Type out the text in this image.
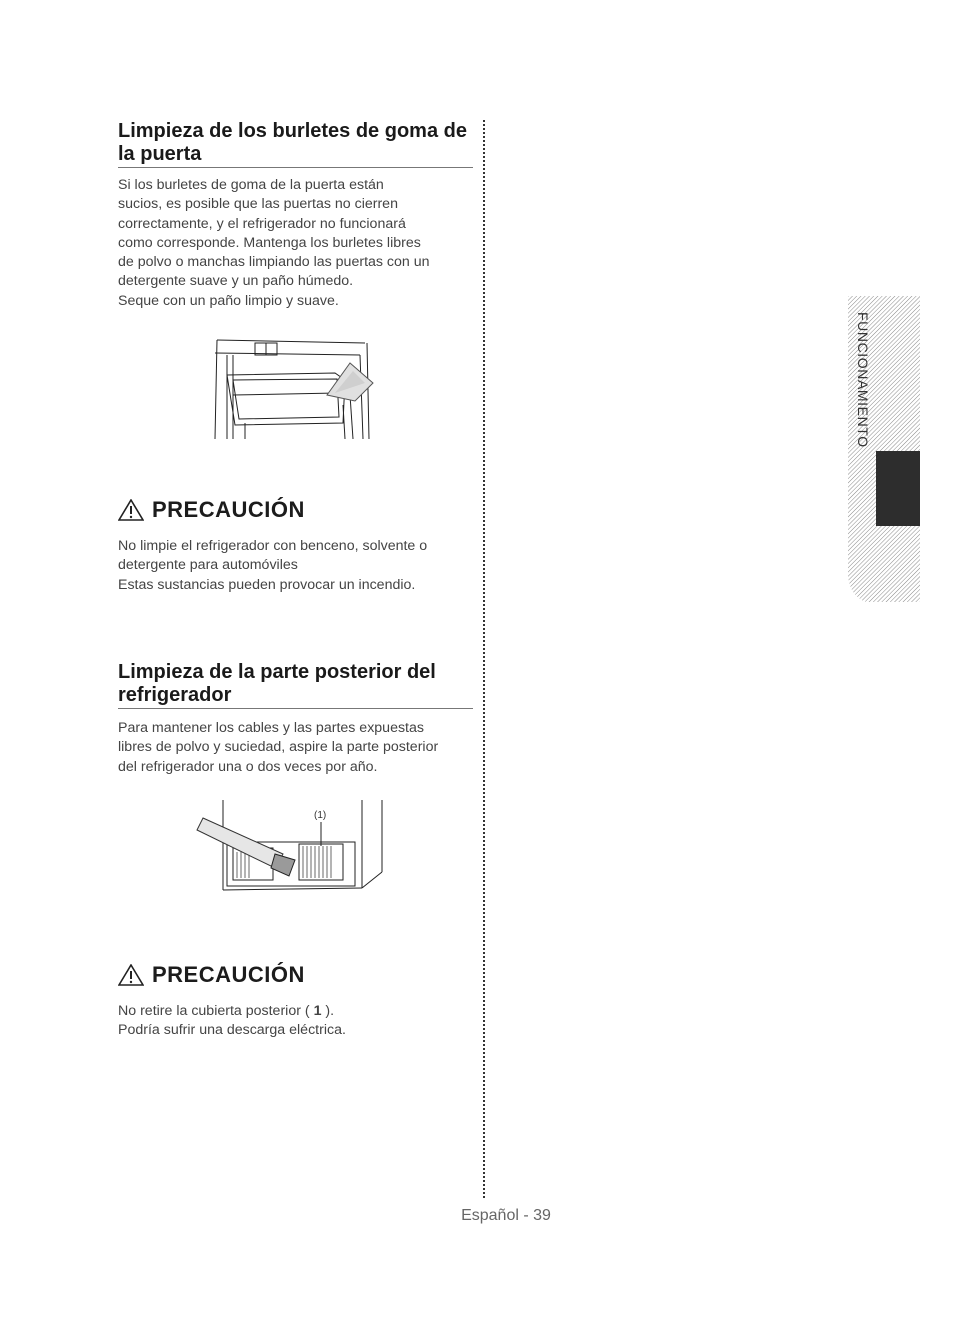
Limpieza de los burletes de goma de la puerta
Si los burletes de goma de la puerta están
sucios, es posible que las puertas no cierren
correctamente, y el refrigerador no funcionará
como corresponde. Mantenga los burletes libres
de polvo o manchas limpiando las puertas con un
detergente suave y un paño húmedo.
Seque con un paño limpio y suave.
PRECAUCIÓN
No limpie el refrigerador con benceno, solvente o
detergente para automóviles
Estas sustancias pueden provocar un incendio.
Limpieza de la parte posterior del refrigerador
Para mantener los cables y las partes expuestas
libres de polvo y suciedad, aspire la parte posterior
del refrigerador una o dos veces por año.
(1)
PRECAUCIÓN
No retire la cubierta posterior ( 1 ).
Podría sufrir una descarga eléctrica.
FUNCIONAMIENTO
Español - 39
